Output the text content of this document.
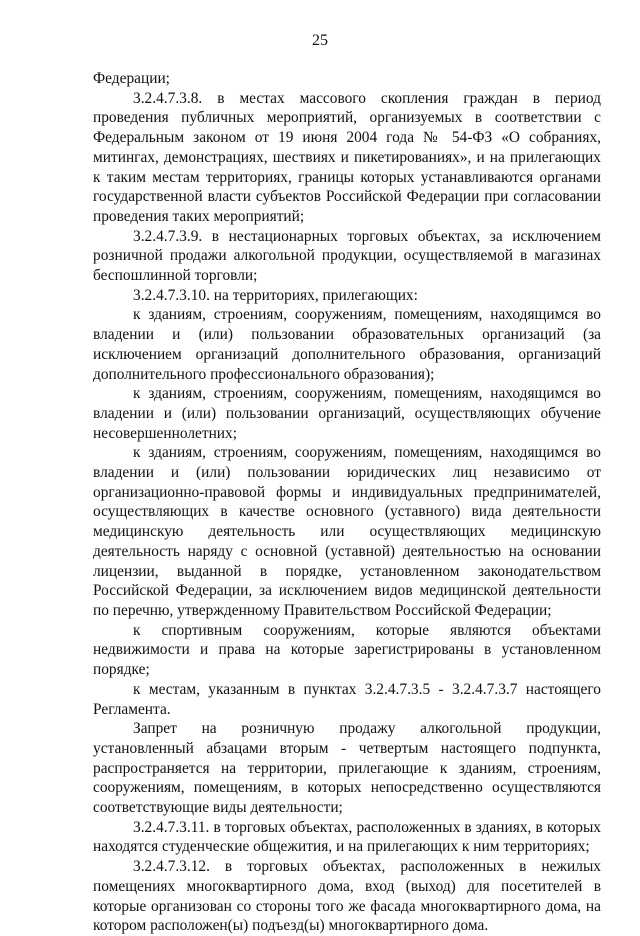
25

Федерации;

3.2.4.7.3.8. в местах массового скопления граждан в период проведения публичных мероприятий, организуемых в соответствии с Федеральным законом от 19 июня 2004 года № 54-ФЗ «О собраниях, митингах, демонстрациях, шествиях и пикетированиях», и на прилегающих к таким местам территориях, границы которых устанавливаются органами государственной власти субъектов Российской Федерации при согласовании проведения таких мероприятий;

3.2.4.7.3.9. в нестационарных торговых объектах, за исключением розничной продажи алкогольной продукции, осуществляемой в магазинах беспошлинной торговли;

3.2.4.7.3.10. на территориях, прилегающих:

к зданиям, строениям, сооружениям, помещениям, находящимся во владении и (или) пользовании образовательных организаций (за исключением организаций дополнительного образования, организаций дополнительного профессионального образования);

к зданиям, строениям, сооружениям, помещениям, находящимся во владении и (или) пользовании организаций, осуществляющих обучение несовершеннолетних;

к зданиям, строениям, сооружениям, помещениям, находящимся во владении и (или) пользовании юридических лиц независимо от организационно-правовой формы и индивидуальных предпринимателей, осуществляющих в качестве основного (уставного) вида деятельности медицинскую деятельность или осуществляющих медицинскую деятельность наряду с основной (уставной) деятельностью на основании лицензии, выданной в порядке, установленном законодательством Российской Федерации, за исключением видов медицинской деятельности по перечню, утвержденному Правительством Российской Федерации;

к спортивным сооружениям, которые являются объектами недвижимости и права на которые зарегистрированы в установленном порядке;

к местам, указанным в пунктах 3.2.4.7.3.5 - 3.2.4.7.3.7 настоящего Регламента.

Запрет на розничную продажу алкогольной продукции, установленный абзацами вторым - четвертым настоящего подпункта, распространяется на территории, прилегающие к зданиям, строениям, сооружениям, помещениям, в которых непосредственно осуществляются соответствующие виды деятельности;

3.2.4.7.3.11. в торговых объектах, расположенных в зданиях, в которых находятся студенческие общежития, и на прилегающих к ним территориях;

3.2.4.7.3.12. в торговых объектах, расположенных в нежилых помещениях многоквартирного дома, вход (выход) для посетителей в которые организован со стороны того же фасада многоквартирного дома, на котором расположен(ы) подъезд(ы) многоквартирного дома.
